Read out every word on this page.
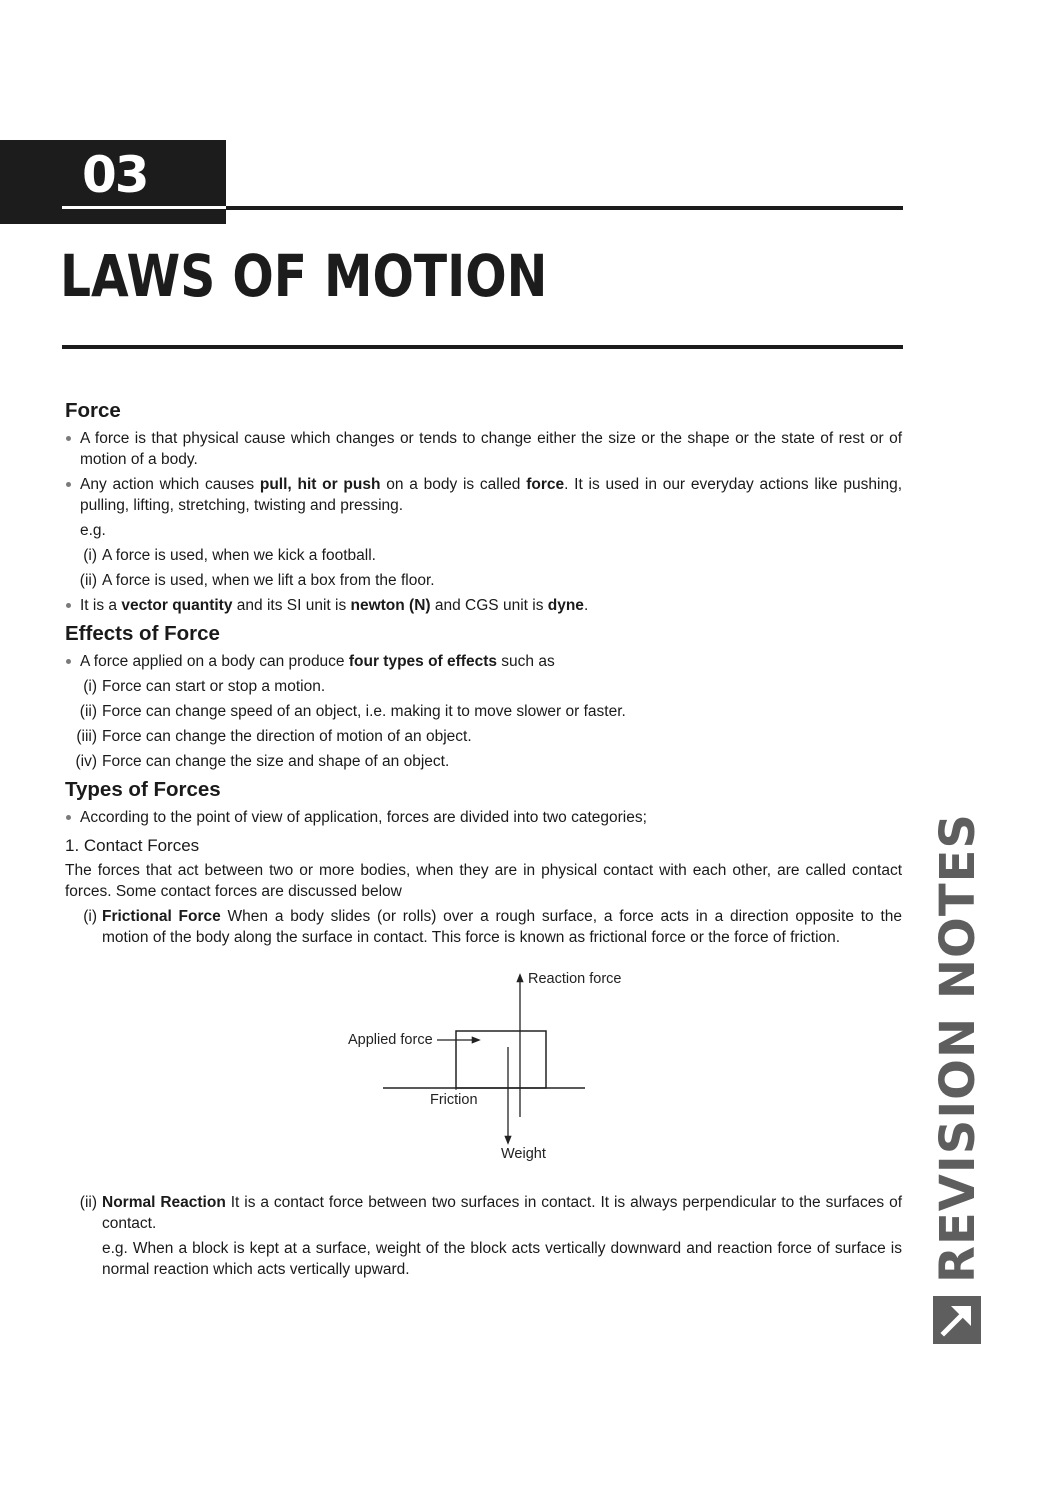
03
LAWS OF MOTION
Force
A force is that physical cause which changes or tends to change either the size or the shape or the state of rest or of motion of a body.
Any action which causes pull, hit or push on a body is called force. It is used in our everyday actions like pushing, pulling, lifting, stretching, twisting and pressing.
e.g.
(i) A force is used, when we kick a football.
(ii) A force is used, when we lift a box from the floor.
It is a vector quantity and its SI unit is newton (N) and CGS unit is dyne.
Effects of Force
A force applied on a body can produce four types of effects such as
(i) Force can start or stop a motion.
(ii) Force can change speed of an object, i.e. making it to move slower or faster.
(iii) Force can change the direction of motion of an object.
(iv) Force can change the size and shape of an object.
Types of Forces
According to the point of view of application, forces are divided into two categories;
1. Contact Forces
The forces that act between two or more bodies, when they are in physical contact with each other, are called contact forces. Some contact forces are discussed below
(i) Frictional Force When a body slides (or rolls) over a rough surface, a force acts in a direction opposite to the motion of the body along the surface in contact. This force is known as frictional force or the force of friction.
Reaction force
Applied force
Friction
Weight
(ii) Normal Reaction It is a contact force between two surfaces in contact. It is always perpendicular to the surfaces of contact.
e.g. When a block is kept at a surface, weight of the block acts vertically downward and reaction force of surface is normal reaction which acts vertically upward.	REVISION NOTES
